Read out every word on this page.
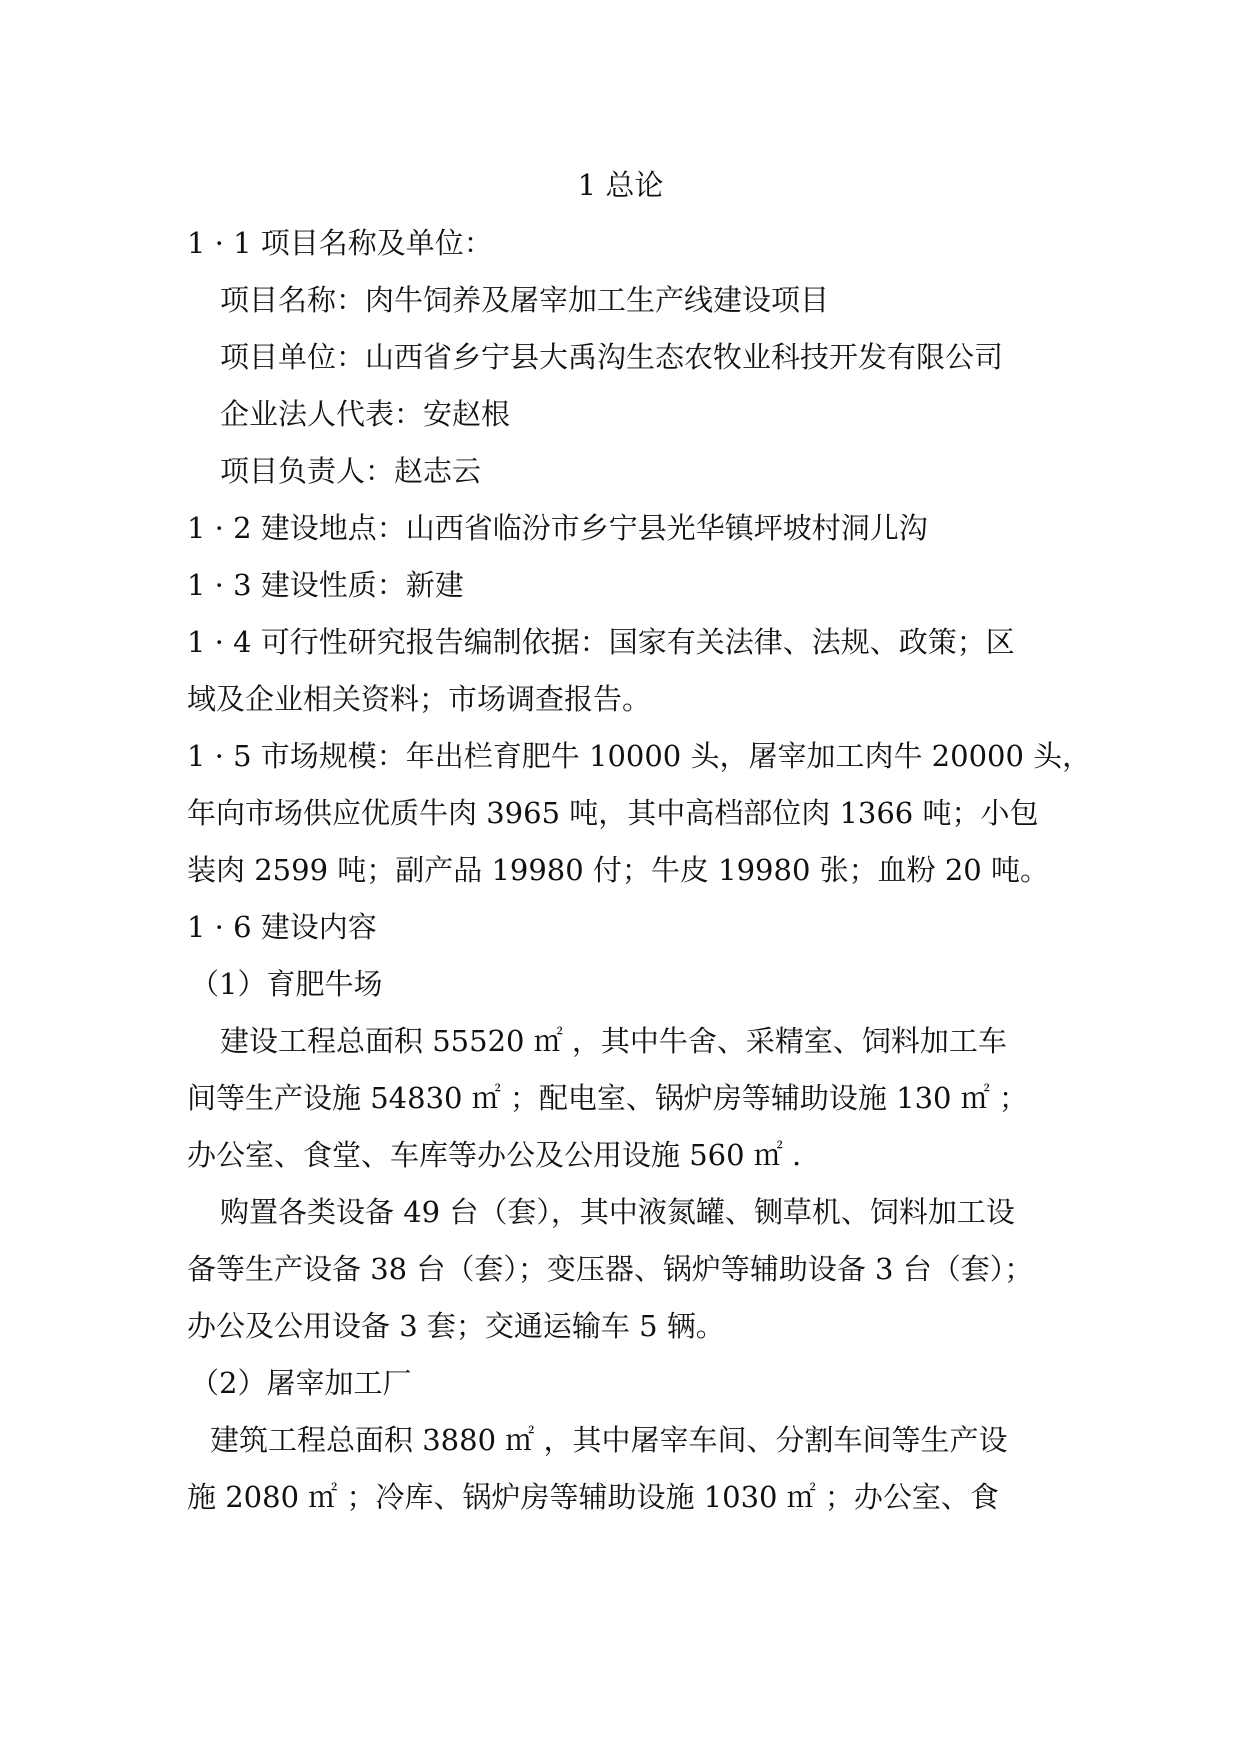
1 总论
1 · 1 项目名称及单位：
项目名称：肉牛饲养及屠宰加工生产线建设项目
项目单位：山西省乡宁县大禹沟生态农牧业科技开发有限公司
企业法人代表：安赵根
项目负责人：赵志云
1 · 2 建设地点：山西省临汾市乡宁县光华镇坪坡村洞儿沟
1 · 3 建设性质：新建
1 · 4 可行性研究报告编制依据：国家有关法律、法规、政策；区
域及企业相关资料；市场调查报告。
1 · 5 市场规模：年出栏育肥牛 10000 头，屠宰加工肉牛 20000 头，
年向市场供应优质牛肉 3965 吨，其中高档部位肉 1366 吨；小包
装肉 2599 吨；副产品 19980 付；牛皮 19980 张；血粉 20 吨。
1 · 6 建设内容
（1）育肥牛场
建设工程总面积 55520 ㎡ ，其中牛舍、采精室、饲料加工车
间等生产设施 54830 ㎡ ；配电室、锅炉房等辅助设施 130 ㎡ ；
办公室、食堂、车库等办公及公用设施 560 ㎡ .
购置各类设备 49 台（套），其中液氮罐、铡草机、饲料加工设
备等生产设备 38 台（套）；变压器、锅炉等辅助设备 3 台（套）；
办公及公用设备 3 套；交通运输车 5 辆。
（2）屠宰加工厂
建筑工程总面积 3880 ㎡ ，其中屠宰车间、分割车间等生产设
施 2080 ㎡ ；冷库、锅炉房等辅助设施 1030 ㎡ ；办公室、食
